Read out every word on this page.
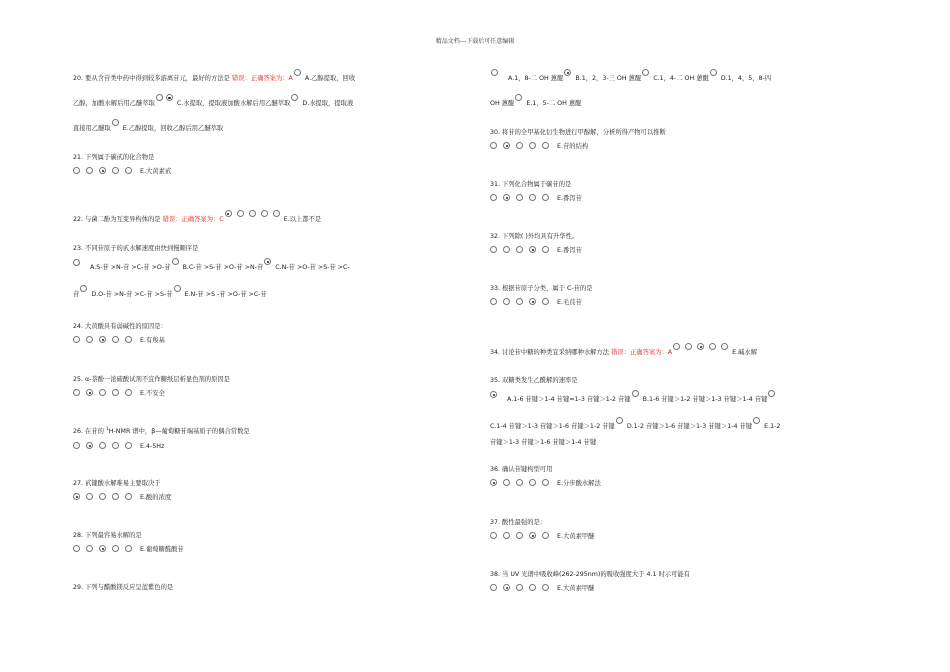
精品文档---下载后可任意编辑
20. 要从含苷类中药中得到较多游离苷元，最好的方法是 错误：正确答案为：A A.乙醇提取，回收
乙醇，加酸水解后用乙醚萃取	C.水提取，提取液加酸水解后用乙醚萃取 D.水提取，提取液
直接用乙醚取 E.乙醇提取，回收乙醇后用乙醚萃取
21. 下列属于碳甙的化合物是
E.大黄素甙
22. 与菌二酚为互变异构体的是 错误：正确答案为：C	E.以上都不是
23. 不同苷原子的甙水解速度由快到慢顺序是
A.S-苷 >N-苷 >C-苷 >O-苷 B.C-苷 >S-苷 >O-苷 >N-苷 C.N-苷 >O-苷 >S-苷 >C-
苷 D.O-苷 >N-苷 >C-苷 >S-苷 E.N-苷 >S -苷 >O-苷 >C-苷
24. 大黄酸具有弱碱性的原因是：
E.有羧基
25. α-萘酚一浓硫酸试剂不宜作糖纸层析显色剂的原因是
E.不安全
26. 在苷的 $^1$H-NMR 谱中，β—葡萄糖苷端基质子的偶合常数是
E.4-5Hz
27. 甙键酸水解难易主要取决于
E.酸的浓度
28. 下列最容易水解的是
E.葡萄糖醛酸苷
29. 下列与醋酸镁反应呈蓝紫色的是
A.1，8-二 OH 蒽醌 B.1，2，3-三 OH 蒽醌 C.1，4-二 OH 蒽醌 D.1，4，5，8-四
OH 蒽醌 E.1，5-二 OH 蒽醌
30. 将苷的全甲基化衍生物进行甲醇解，分析所得产物可以推断
E.苷的结构
31. 下列化合物属于碳苷的是
E.番泻苷
32. 下列除( )外均具有升华性。
E.番泻苷
33. 根据苷原子分类，属于 C-苷的是
E.毛茛苷
34. 讨论苷中糖的种类宜采纳哪种水解方法 错误：正确答案为：A	E.碱水解
35. 双糖类发生乙酰解的速率是
A.1-6 苷键＞1-4 苷键≈1-3 苷键＞1-2 苷键 B.1-6 苷键＞1-2 苷键＞1-3 苷键＞1-4 苷键
C.1-4 苷键＞1-3 苷键＞1-6 苷键＞1-2 苷键 D.1-2 苷键＞1-6 苷键＞1-3 苷键＞1-4 苷键 E.1-2
苷键＞1-3 苷键＞1-6 苷键＞1-4 苷键
36. 确认苷键构型可用
E.分步酸水解法
37. 酸性最强的是：
E.大黄素甲醚
38. 当 UV 光谱中吸收峰(262-295nm)的吸收强度大于 4.1 时示可能有
E.大黄素甲醚
